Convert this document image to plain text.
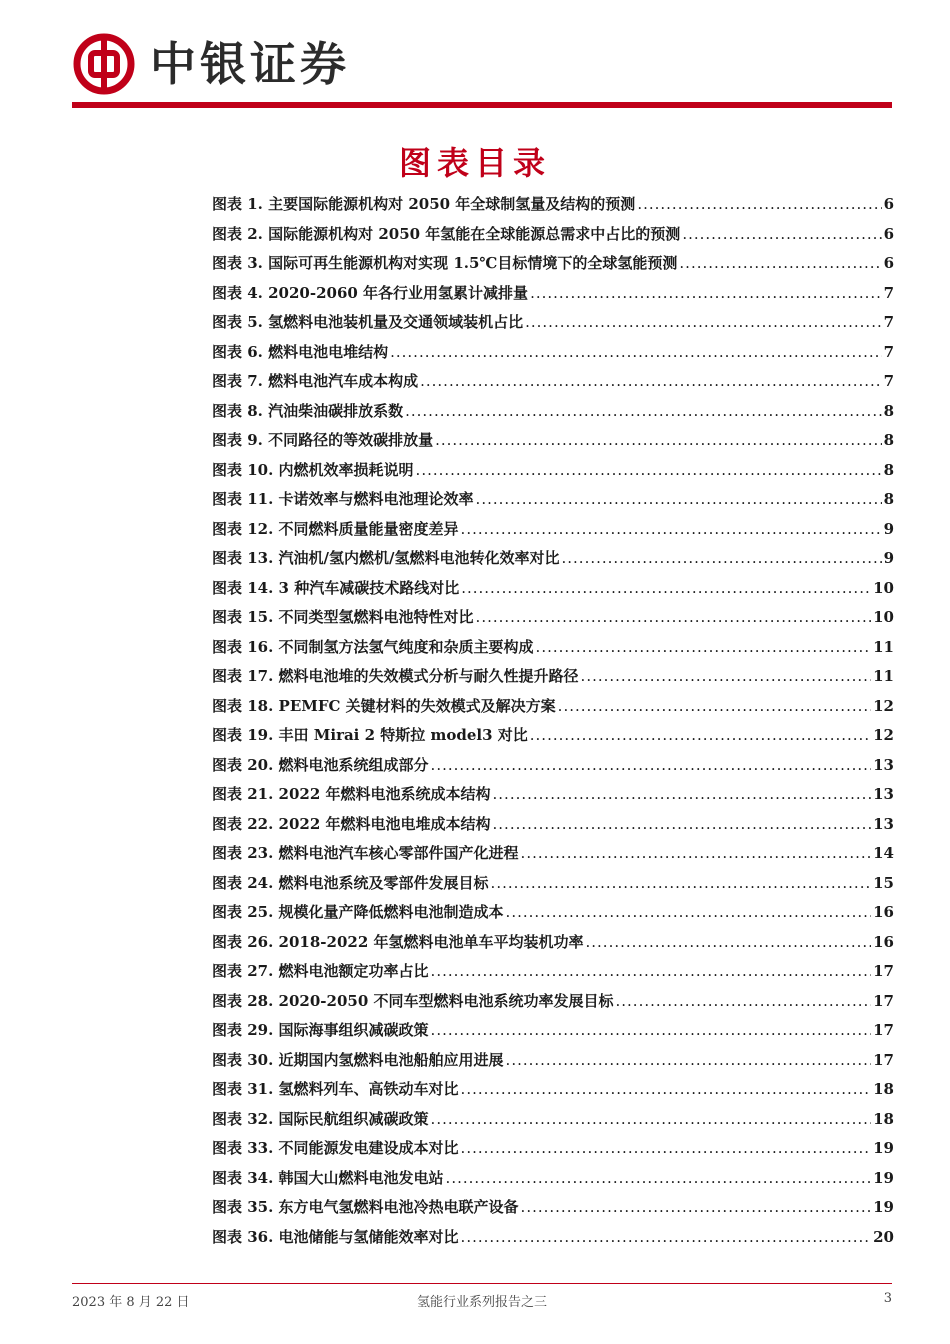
中银证券
图表目录
图表 1. 主要国际能源机构对 2050 年全球制氢量及结构的预测 .....	6
图表 2. 国际能源机构对 2050 年氢能在全球能源总需求中占比的预测 .....	6
图表 3. 国际可再生能源机构对实现 1.5℃目标情境下的全球氢能预测 .....	6
图表 4. 2020-2060 年各行业用氢累计减排量 .....	7
图表 5. 氢燃料电池装机量及交通领域装机占比 .....	7
图表 6. 燃料电池电堆结构 .....	7
图表 7. 燃料电池汽车成本构成 .....	7
图表 8. 汽油柴油碳排放系数 .....	8
图表 9. 不同路径的等效碳排放量 .....	8
图表 10. 内燃机效率损耗说明 .....	8
图表 11. 卡诺效率与燃料电池理论效率 .....	8
图表 12. 不同燃料质量能量密度差异 .....	9
图表 13. 汽油机/氢内燃机/氢燃料电池转化效率对比 .....	9
图表 14. 3 种汽车减碳技术路线对比 .....	10
图表 15. 不同类型氢燃料电池特性对比 .....	10
图表 16. 不同制氢方法氢气纯度和杂质主要构成 .....	11
图表 17. 燃料电池堆的失效模式分析与耐久性提升路径 .....	11
图表 18. PEMFC 关键材料的失效模式及解决方案 .....	12
图表 19. 丰田 Mirai 2 特斯拉 model3 对比 .....	12
图表 20. 燃料电池系统组成部分 .....	13
图表 21. 2022 年燃料电池系统成本结构 .....	13
图表 22. 2022 年燃料电池电堆成本结构 .....	13
图表 23. 燃料电池汽车核心零部件国产化进程 .....	14
图表 24. 燃料电池系统及零部件发展目标 .....	15
图表 25. 规模化量产降低燃料电池制造成本 .....	16
图表 26. 2018-2022 年氢燃料电池单车平均装机功率 .....	16
图表 27. 燃料电池额定功率占比 .....	17
图表 28. 2020-2050 不同车型燃料电池系统功率发展目标 .....	17
图表 29. 国际海事组织减碳政策 .....	17
图表 30. 近期国内氢燃料电池船舶应用进展 .....	17
图表 31. 氢燃料列车、高铁动车对比 .....	18
图表 32. 国际民航组织减碳政策 .....	18
图表 33. 不同能源发电建设成本对比 .....	19
图表 34. 韩国大山燃料电池发电站 .....	19
图表 35. 东方电气氢燃料电池冷热电联产设备 .....	19
图表 36. 电池储能与氢储能效率对比 .....	20
2023 年 8 月 22 日	氢能行业系列报告之三	3
